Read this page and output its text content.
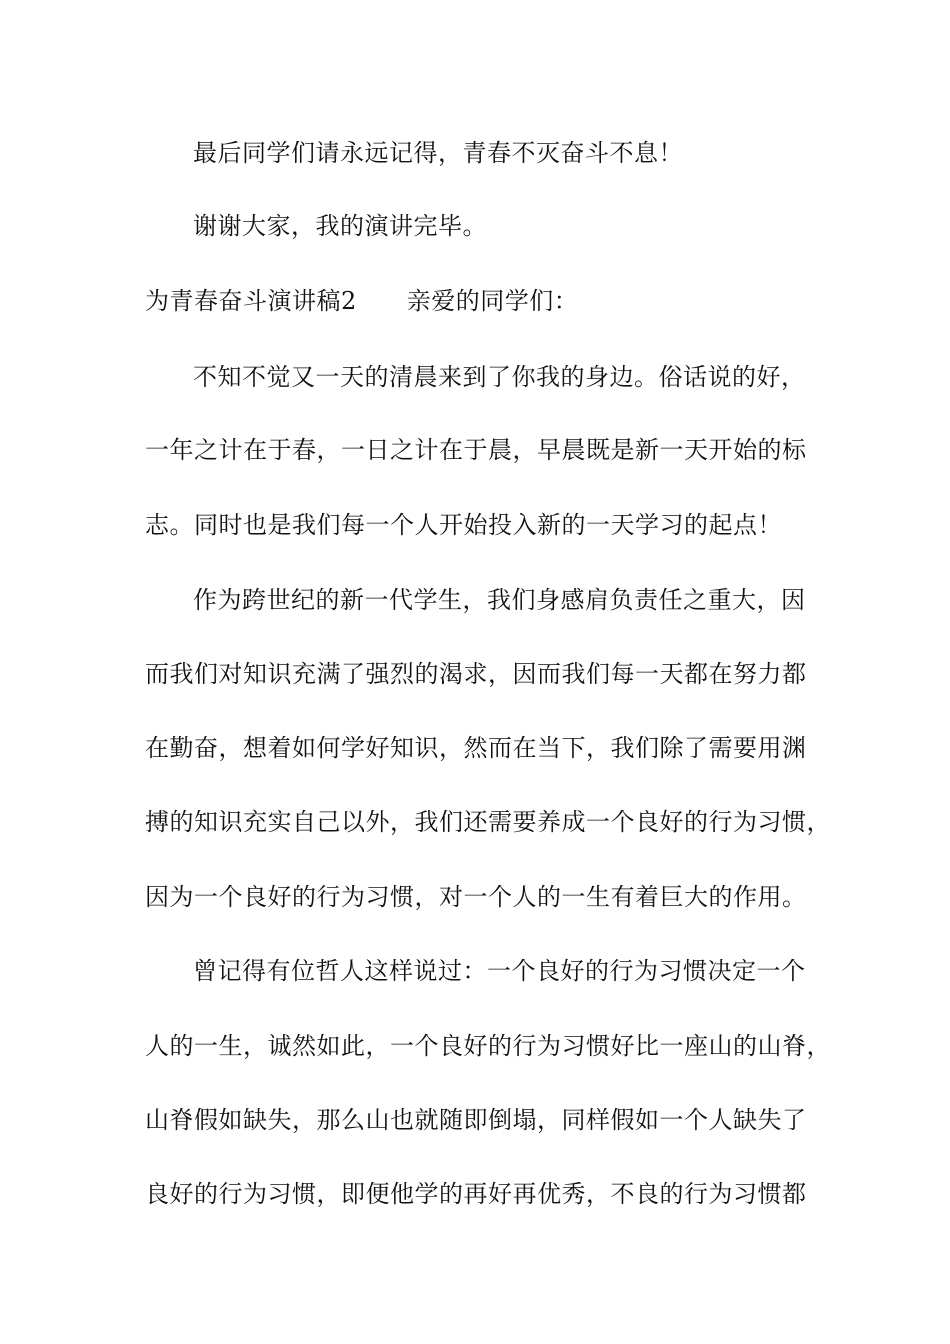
最后同学们请永远记得，青春不灭奋斗不息！
谢谢大家，我的演讲完毕。
为青春奋斗演讲稿2 亲爱的同学们：
不知不觉又一天的清晨来到了你我的身边。俗话说的好，
一年之计在于春，一日之计在于晨，早晨既是新一天开始的标
志。同时也是我们每一个人开始投入新的一天学习的起点！
作为跨世纪的新一代学生，我们身感肩负责任之重大，因
而我们对知识充满了强烈的渴求，因而我们每一天都在努力都
在勤奋，想着如何学好知识，然而在当下，我们除了需要用渊
搏的知识充实自己以外，我们还需要养成一个良好的行为习惯，
因为一个良好的行为习惯，对一个人的一生有着巨大的作用。
曾记得有位哲人这样说过：一个良好的行为习惯决定一个
人的一生，诚然如此，一个良好的行为习惯好比一座山的山脊，
山脊假如缺失，那么山也就随即倒塌，同样假如一个人缺失了
良好的行为习惯，即便他学的再好再优秀，不良的行为习惯都
